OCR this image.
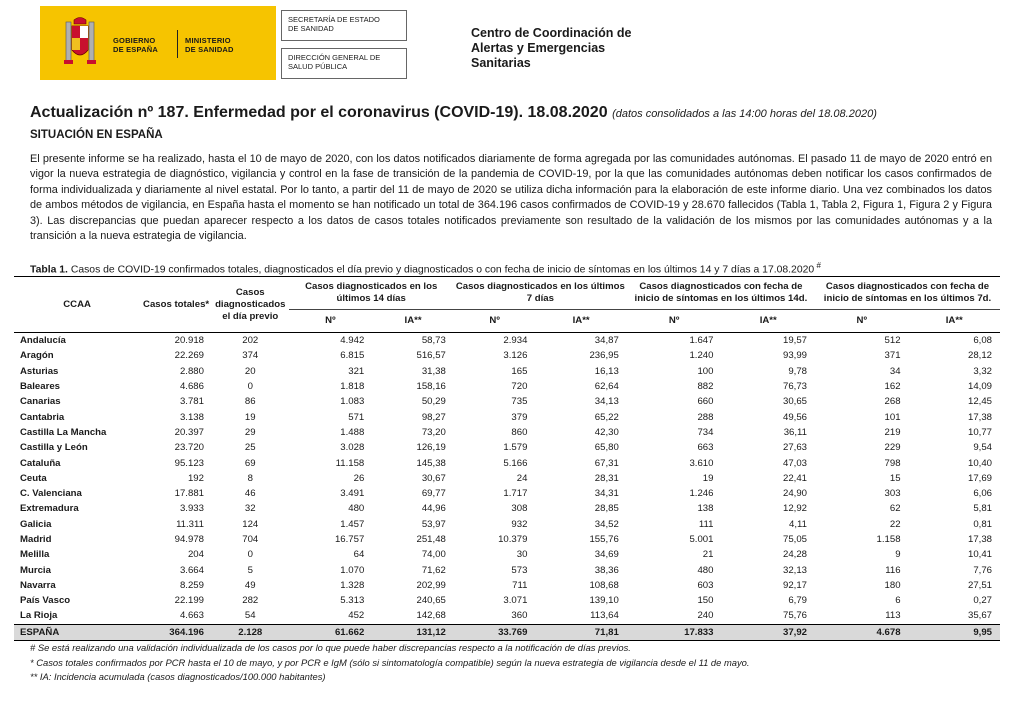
GOBIERNO
DE ESPAÑA
MINISTERIO
DE SANIDAD
SECRETARÍA DE ESTADO
DE SANIDAD
DIRECCIÓN GENERAL DE
SALUD PÚBLICA
Centro de Coordinación de
Alertas y Emergencias
Sanitarias
Actualización nº 187. Enfermedad por el coronavirus (COVID-19). 18.08.2020 (datos consolidados a las 14:00 horas del 18.08.2020)
SITUACIÓN EN ESPAÑA
El presente informe se ha realizado, hasta el 10 de mayo de 2020, con los datos notificados diariamente de forma agregada por las comunidades autónomas. El pasado 11 de mayo de 2020 entró en vigor la nueva estrategia de diagnóstico, vigilancia y control en la fase de transición de la pandemia de COVID-19, por la que las comunidades autónomas deben notificar los casos confirmados de forma individualizada y diariamente al nivel estatal. Por lo tanto, a partir del 11 de mayo de 2020 se utiliza dicha información para la elaboración de este informe diario. Una vez combinados los datos de ambos métodos de vigilancia, en España hasta el momento se han notificado un total de 364.196 casos confirmados de COVID-19 y 28.670 fallecidos (Tabla 1, Tabla 2, Figura 1, Figura 2 y Figura 3). Las discrepancias que puedan aparecer respecto a los datos de casos totales notificados previamente son resultado de la validación de los mismos por las comunidades autónomas y a la transición a la nueva estrategia de vigilancia.
Tabla 1. Casos de COVID-19 confirmados totales, diagnosticados el día previo y diagnosticados o con fecha de inicio de síntomas en los últimos 14 y 7 días a 17.08.2020 #
CCAA	Casos totales*	Casos diagnosticados el día previo	Casos diagnosticados en los últimos 14 días		Casos diagnosticados en los últimos 7 días		Casos diagnosticados con fecha de inicio de síntomas en los últimos 14d.		Casos diagnosticados con fecha de inicio de síntomas en los últimos 7d.	
			Nº	IA**	Nº	IA**	Nº	IA**	Nº	IA**
Andalucía	20.918	202	4.942	58,73	2.934	34,87	1.647	19,57	512	6,08
Aragón	22.269	374	6.815	516,57	3.126	236,95	1.240	93,99	371	28,12
Asturias	2.880	20	321	31,38	165	16,13	100	9,78	34	3,32
Baleares	4.686	0	1.818	158,16	720	62,64	882	76,73	162	14,09
Canarias	3.781	86	1.083	50,29	735	34,13	660	30,65	268	12,45
Cantabria	3.138	19	571	98,27	379	65,22	288	49,56	101	17,38
Castilla La Mancha	20.397	29	1.488	73,20	860	42,30	734	36,11	219	10,77
Castilla y León	23.720	25	3.028	126,19	1.579	65,80	663	27,63	229	9,54
Cataluña	95.123	69	11.158	145,38	5.166	67,31	3.610	47,03	798	10,40
Ceuta	192	8	26	30,67	24	28,31	19	22,41	15	17,69
C. Valenciana	17.881	46	3.491	69,77	1.717	34,31	1.246	24,90	303	6,06
Extremadura	3.933	32	480	44,96	308	28,85	138	12,92	62	5,81
Galicia	11.311	124	1.457	53,97	932	34,52	111	4,11	22	0,81
Madrid	94.978	704	16.757	251,48	10.379	155,76	5.001	75,05	1.158	17,38
Melilla	204	0	64	74,00	30	34,69	21	24,28	9	10,41
Murcia	3.664	5	1.070	71,62	573	38,36	480	32,13	116	7,76
Navarra	8.259	49	1.328	202,99	711	108,68	603	92,17	180	27,51
País Vasco	22.199	282	5.313	240,65	3.071	139,10	150	6,79	6	0,27
La Rioja	4.663	54	452	142,68	360	113,64	240	75,76	113	35,67
ESPAÑA	364.196	2.128	61.662	131,12	33.769	71,81	17.833	37,92	4.678	9,95
# Se está realizando una validación individualizada de los casos por lo que puede haber discrepancias respecto a la notificación de días previos.
* Casos totales confirmados por PCR hasta el 10 de mayo, y por PCR e IgM (sólo si sintomatología compatible) según la nueva estrategia de vigilancia desde el 11 de mayo.
** IA: Incidencia acumulada (casos diagnosticados/100.000 habitantes)
